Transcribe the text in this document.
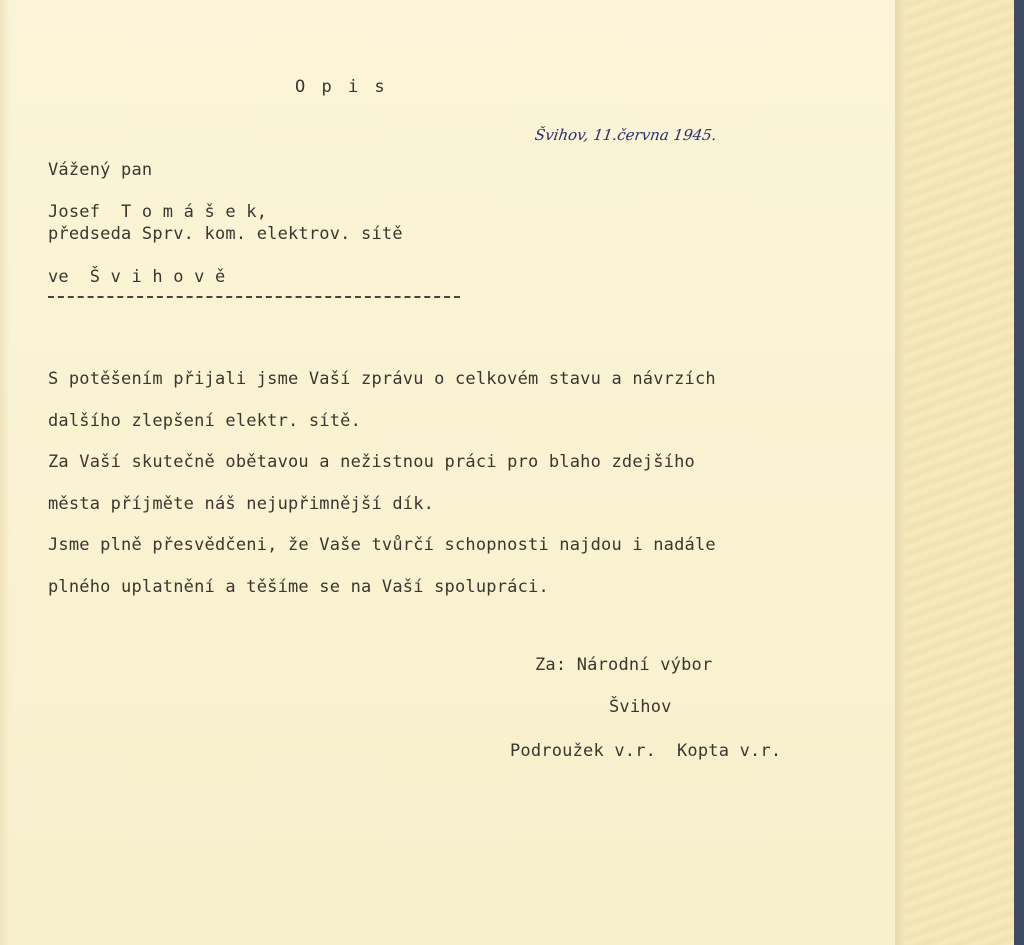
O p i s
Švihov, 11.června 1945.
Vážený pan
Josef  T o m á š e k,
předseda Sprv. kom. elektrov. sítě
ve  Š v i h o v ě
S potěšením přijali jsme Vaší zprávu o celkovém stavu a návrzích
dalšího zlepšení elektr. sítě.
Za Vaší skutečně obětavou a nežistnou práci pro blaho zdejšího
města příjměte náš nejupřimnější dík.
Jsme plně přesvědčeni, že Vaše tvůrčí schopnosti najdou i nadále
plného uplatnění a těšíme se na Vaší spolupráci.
Za: Národní výbor
Švihov
Podroužek v.r.  Kopta v.r.
